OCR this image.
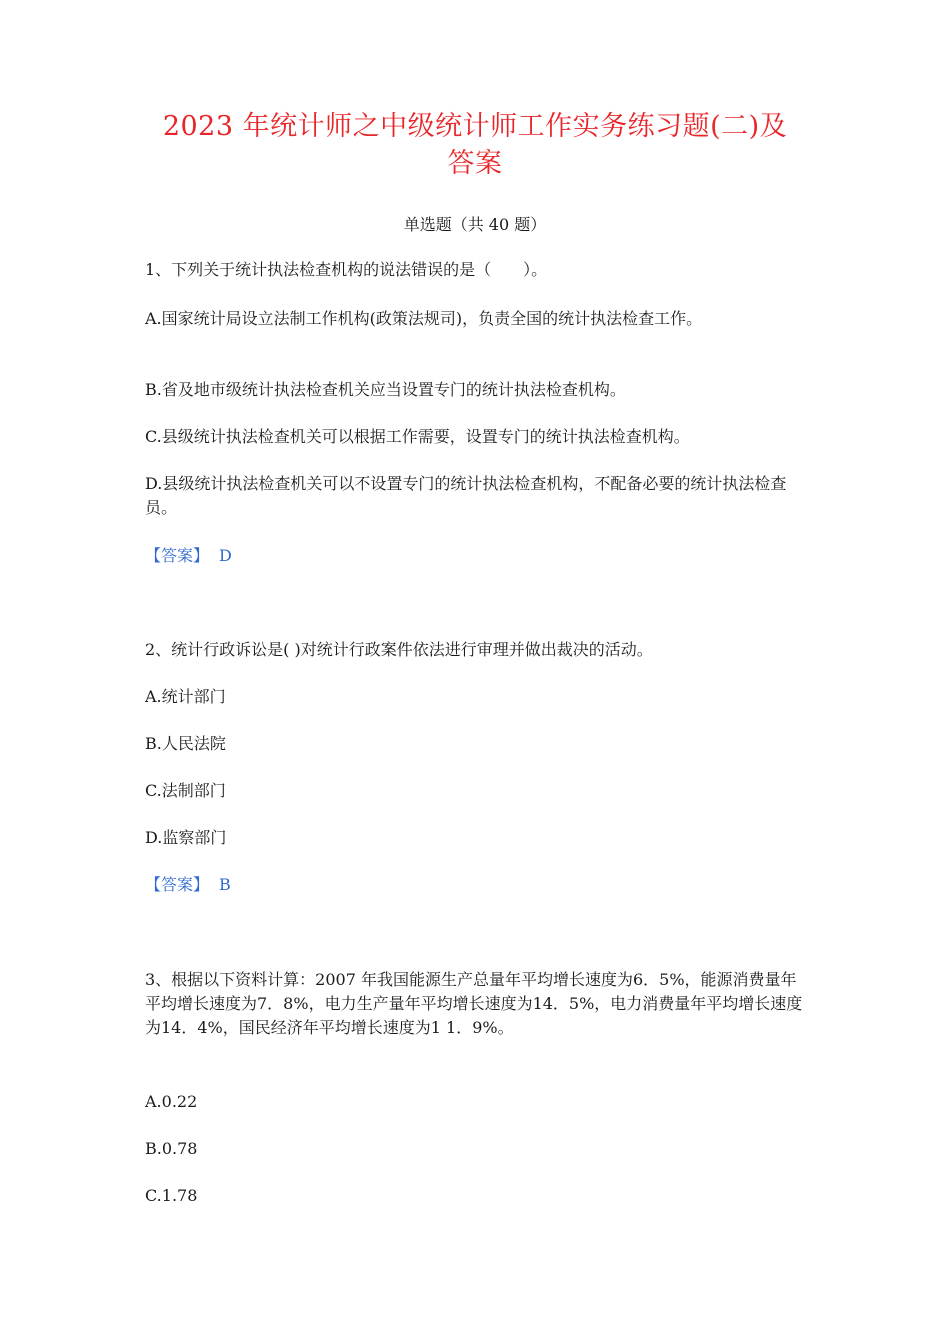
2023 年统计师之中级统计师工作实务练习题(二)及
答案
单选题（共 40 题）
1、下列关于统计执法检查机构的说法错误的是（　　）。
A.国家统计局设立法制工作机构(政策法规司)，负责全国的统计执法检查工作。
B.省及地市级统计执法检查机关应当设置专门的统计执法检查机构。
C.县级统计执法检查机关可以根据工作需要，设置专门的统计执法检查机构。
D.县级统计执法检查机关可以不设置专门的统计执法检查机构，不配备必要的统计执法检查员。
【答案】 D
2、统计行政诉讼是( )对统计行政案件依法进行审理并做出裁决的活动。
A.统计部门
B.人民法院
C.法制部门
D.监察部门
【答案】 B
3、根据以下资料计算：2007 年我国能源生产总量年平均增长速度为6．5%，能源消费量年平均增长速度为7．8%，电力生产量年平均增长速度为14．5%，电力消费量年平均增长速度为14．4%，国民经济年平均增长速度为1 1．9%。
A.0.22
B.0.78
C.1.78
